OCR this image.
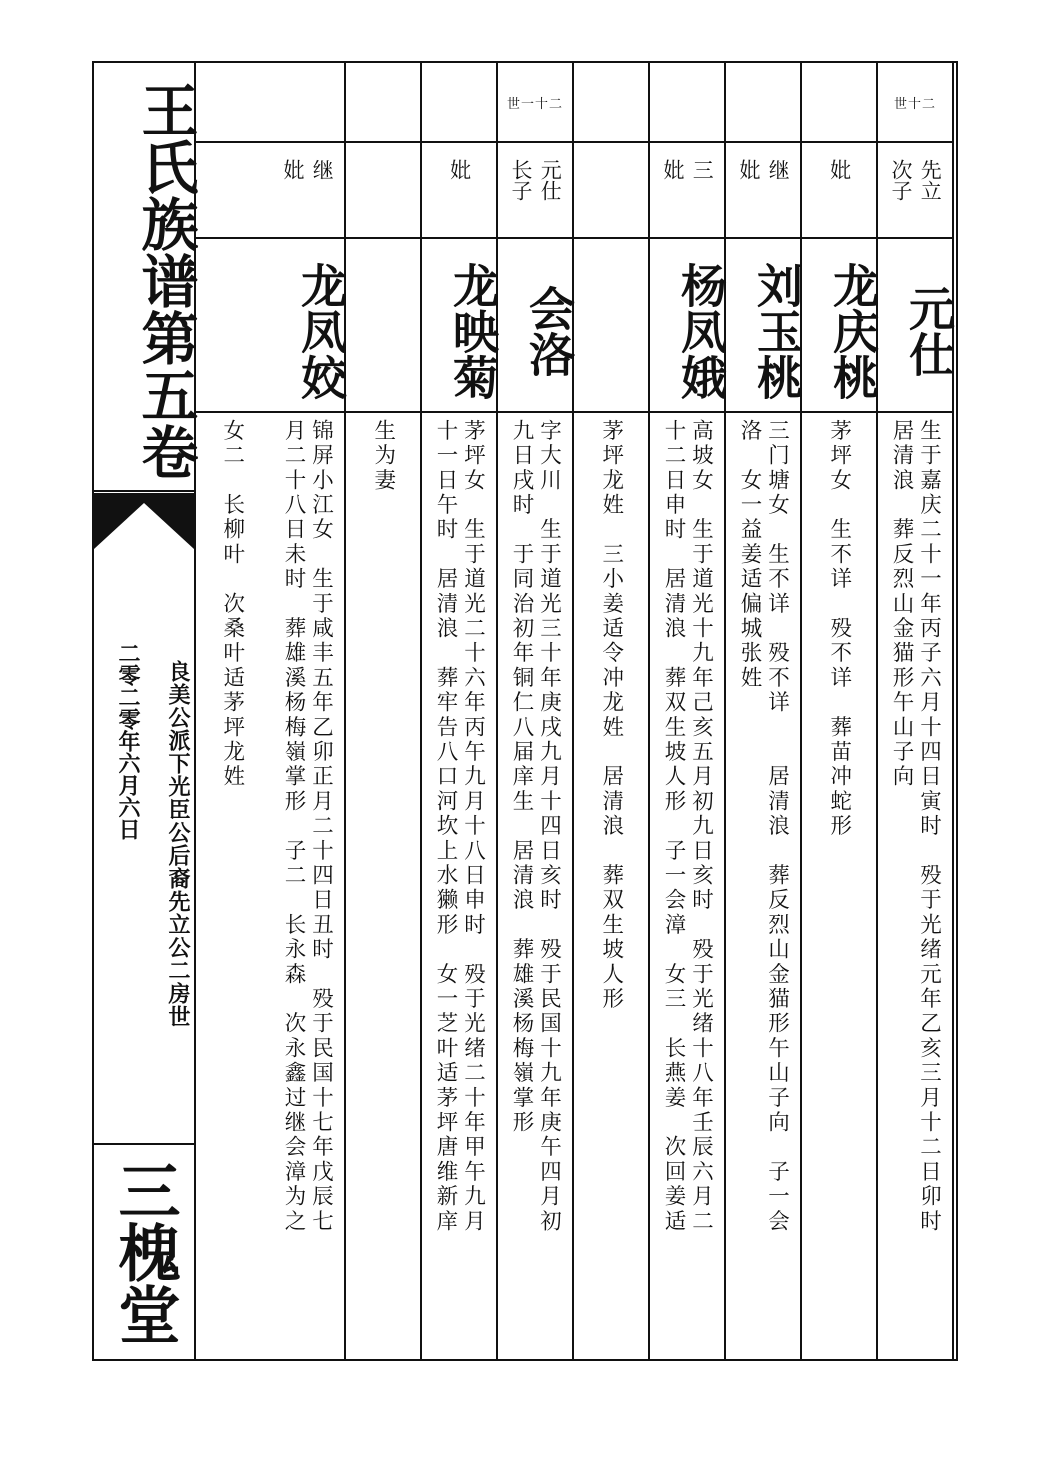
王氏族谱第五卷
良美公派下光臣公后裔先立公二房世
二零二零年六月六日
三槐堂
世十二
先立
次子
元仕
生于嘉庆二十一年丙子六月十四日寅时　殁于光绪元年乙亥三月十二日卯时
居清浪　葬反烈山金猫形午山子向
妣
龙庆桃
茅坪女　生不详　殁不详　葬苗冲蛇形
继
妣
刘玉桃
三门塘女　生不详　殁不详　　居清浪　葬反烈山金猫形午山子向　子一会
洛　女一益姜适偏城张姓
三
妣
杨凤娥
高坡女　生于道光十九年己亥五月初九日亥时　殁于光绪十八年壬辰六月二
十二日申时　居清浪　葬双生坡人形　子一会漳　女三　长燕姜　次回姜适
茅坪龙姓　三小姜适令冲龙姓　居清浪　葬双生坡人形
世一十二
元仕
长子
会洛
字大川　生于道光三十年庚戌九月十四日亥时　殁于民国十九年庚午四月初
九日戌时　于同治初年铜仁八届庠生　居清浪　葬雄溪杨梅嶺掌形
妣
龙映菊
茅坪女　生于道光二十六年丙午九月十八日申时　殁于光绪二十年甲午九月
十一日午时　居清浪　葬牢告八口河坎上水獭形　女一芝叶适茅坪唐维新庠
生为妻
继
妣
龙凤姣
锦屏小江女　生于咸丰五年乙卯正月二十四日丑时　殁于民国十七年戊辰七
月二十八日未时　葬雄溪杨梅嶺掌形　子二　长永森　次永鑫过继会漳为之
女二　长柳叶　次桑叶适茅坪龙姓
